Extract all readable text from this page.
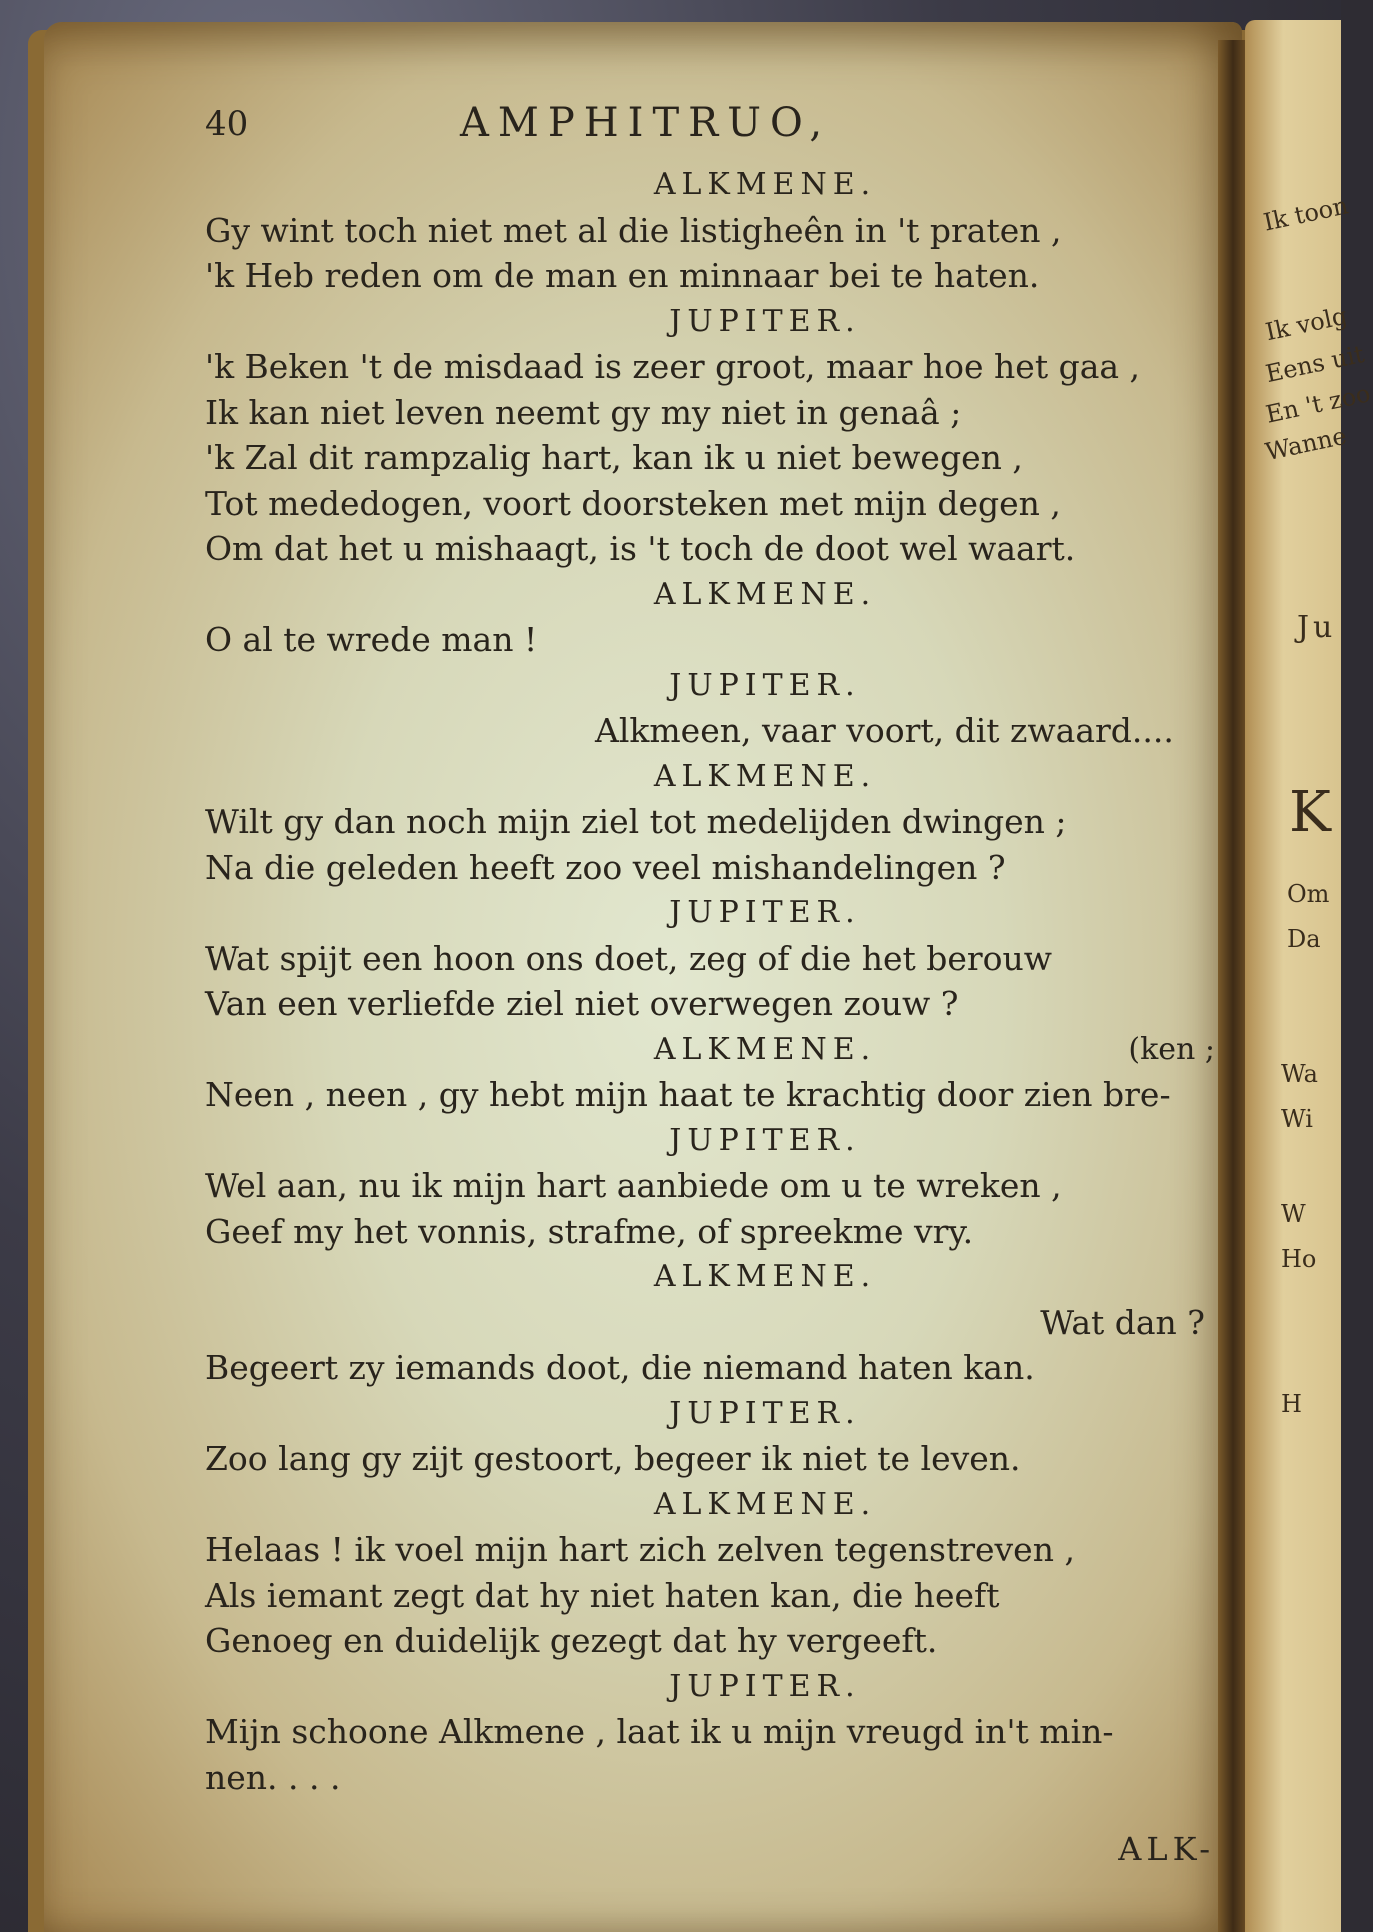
Ik toon
Ik volg
Eens uit
En 't zoo
Wanne
Ju
K
Om
Da
Wa
Wi
W
Ho
H
40	AMPHITRUO,
ALKMENE.
Gy wint toch niet met al die listigheên in 't praten ,
'k Heb reden om de man en minnaar bei te haten.
JUPITER.
'k Beken 't de misdaad is zeer groot, maar hoe het gaa ,
Ik kan niet leven neemt gy my niet in genaâ ;
'k Zal dit rampzalig hart, kan ik u niet bewegen ,
Tot mededogen, voort doorsteken met mijn degen ,
Om dat het u mishaagt, is 't toch de doot wel waart.
ALKMENE.
O al te wrede man !
JUPITER.
Alkmeen, vaar voort, dit zwaard....
ALKMENE.
Wilt gy dan noch mijn ziel tot medelijden dwingen ;
Na die geleden heeft zoo veel mishandelingen ?
JUPITER.
Wat spijt een hoon ons doet, zeg of die het berouw
Van een verliefde ziel niet overwegen zouw ?
ALKMENE.	(ken ;
Neen , neen , gy hebt mijn haat te krachtig door zien bre-
JUPITER.
Wel aan, nu ik mijn hart aanbiede om u te wreken ,
Geef my het vonnis, strafme, of spreekme vry.
ALKMENE.
Wat dan ?
Begeert zy iemands doot, die niemand haten kan.
JUPITER.
Zoo lang gy zijt gestoort, begeer ik niet te leven.
ALKMENE.
Helaas ! ik voel mijn hart zich zelven tegenstreven ,
Als iemant zegt dat hy niet haten kan, die heeft
Genoeg en duidelijk gezegt dat hy vergeeft.
JUPITER.
Mijn schoone Alkmene , laat ik u mijn vreugd in't min-
nen. . . .
ALK-
